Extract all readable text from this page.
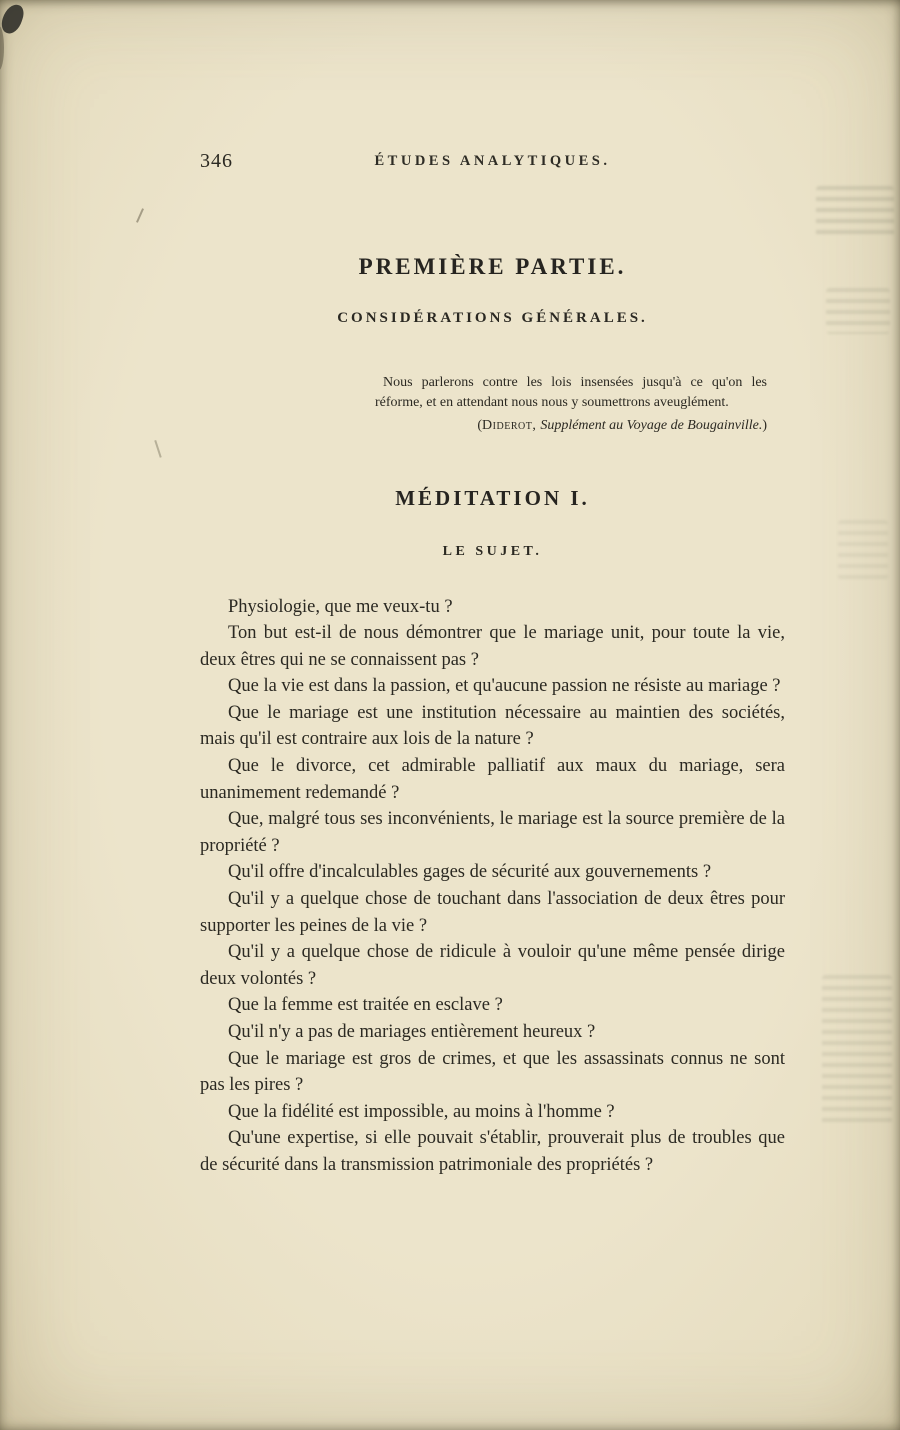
346	ÉTUDES ANALYTIQUES.
PREMIÈRE PARTIE.
CONSIDÉRATIONS GÉNÉRALES.

Nous parlerons contre les lois insensées jusqu'à ce qu'on les réforme, et en attendant nous nous y soumettrons aveuglément.

(Diderot, Supplément au Voyage de Bougainville.)

MÉDITATION I.
LE SUJET.

Physiologie, que me veux-tu ?

Ton but est-il de nous démontrer que le mariage unit, pour toute la vie, deux êtres qui ne se connaissent pas ?

Que la vie est dans la passion, et qu'aucune passion ne résiste au mariage ?

Que le mariage est une institution nécessaire au maintien des sociétés, mais qu'il est contraire aux lois de la nature ?

Que le divorce, cet admirable palliatif aux maux du mariage, sera unanimement redemandé ?

Que, malgré tous ses inconvénients, le mariage est la source première de la propriété ?

Qu'il offre d'incalculables gages de sécurité aux gouvernements ?

Qu'il y a quelque chose de touchant dans l'association de deux êtres pour supporter les peines de la vie ?

Qu'il y a quelque chose de ridicule à vouloir qu'une même pensée dirige deux volontés ?

Que la femme est traitée en esclave ?

Qu'il n'y a pas de mariages entièrement heureux ?

Que le mariage est gros de crimes, et que les assassinats connus ne sont pas les pires ?

Que la fidélité est impossible, au moins à l'homme ?

Qu'une expertise, si elle pouvait s'établir, prouverait plus de troubles que de sécurité dans la transmission patrimoniale des propriétés ?
